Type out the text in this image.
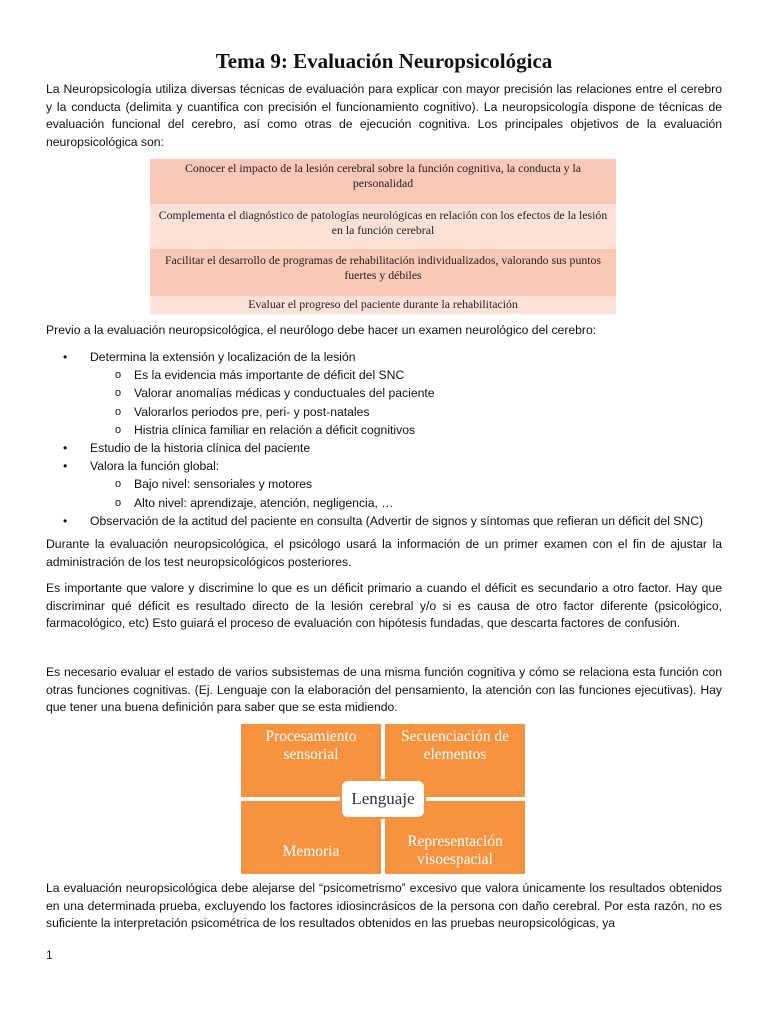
Tema 9: Evaluación Neuropsicológica

La Neuropsicología utiliza diversas técnicas de evaluación para explicar con mayor precisión las relaciones entre el cerebro y la conducta (delimita y cuantifica con precisión el funcionamiento cognitivo). La neuropsicología dispone de técnicas de evaluación funcional del cerebro, así como otras de ejecución cognitiva. Los principales objetivos de la evaluación neuropsicológica son:

Conocer el impacto de la lesión cerebral sobre la función cognitiva, la conducta y la personalidad
Complementa el diagnóstico de patologías neurológicas en relación con los efectos de la lesión en la función cerebral
Facilitar el desarrollo de programas de rehabilitación individualizados, valorando sus puntos fuertes y débiles
Evaluar el progreso del paciente durante la rehabilitación

Previo a la evaluación neuropsicológica, el neurólogo debe hacer un examen neurológico del cerebro:

• Determina la extensión y localización de la lesión
o Es la evidencia más importante de déficit del SNC
o Valorar anomalías médicas y conductuales del paciente
o Valorarlos periodos pre, peri- y post-natales
o Histria clínica familiar en relación a déficit cognitivos
• Estudio de la historia clínica del paciente
• Valora la función global:
o Bajo nivel: sensoriales y motores
o Alto nivel: aprendizaje, atención, negligencia, …
• Observación de la actitud del paciente en consulta (Advertir de signos y síntomas que refieran un déficit del SNC)

Durante la evaluación neuropsicológica, el psicólogo usará la información de un primer examen con el fin de ajustar la administración de los test neuropsicológicos posteriores.

Es importante que valore y discrimine lo que es un déficit primario a cuando el déficit es secundario a otro factor. Hay que discriminar qué déficit es resultado directo de la lesión cerebral y/o si es causa de otro factor diferente (psicológico, farmacológico, etc) Esto guiará el proceso de evaluación con hipótesis fundadas, que descarta factores de confusión.

Es necesario evaluar el estado de varios subsistemas de una misma función cognitiva y cómo se relaciona esta función con otras funciones cognitivas. (Ej. Lenguaje con la elaboración del pensamiento, la atención con las funciones ejecutivas). Hay que tener una buena definición para saber que se esta midiendo.

Procesamiento sensorial
Secuenciación de elementos
Memoria
Representación visoespacial
Lenguaje

La evaluación neuropsicológica debe alejarse del “psicometrismo” excesivo que valora únicamente los resultados obtenidos en una determinada prueba, excluyendo los factores idiosincrásicos de la persona con daño cerebral. Por esta razón, no es suficiente la interpretación psicométrica de los resultados obtenidos en las pruebas neuropsicológicas, ya

1
